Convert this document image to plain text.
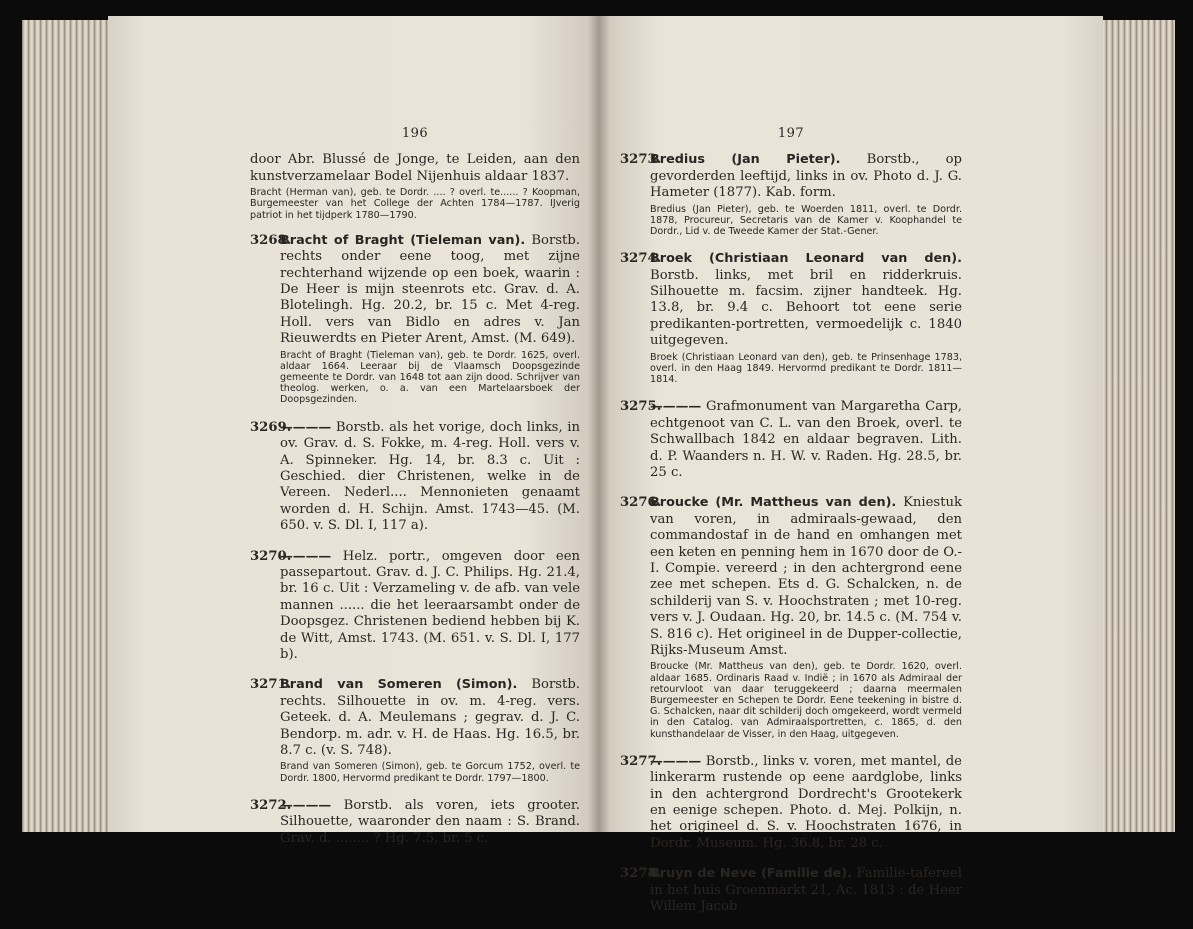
196
door Abr. Blussé de Jonge, te Leiden, aan den kunstverzamelaar Bodel Nijenhuis aldaar 1837.
Bracht (Herman van), geb. te Dordr. .... ? overl. te...... ? Koopman, Burgemeester van het College der Achten 1784—1787. IJverig patriot in het tijdperk 1780—1790.
3268.Bracht of Braght (Tieleman van). Borstb. rechts onder eene toog, met zijne rechterhand wijzende op een boek, waarin : De Heer is mijn steenrots etc. Grav. d. A. Blotelingh. Hg. 20.2, br. 15 c. Met 4-reg. Holl. vers van Bidlo en adres v. Jan Rieuwerdts en Pieter Arent, Amst. (M. 649).
Bracht of Braght (Tieleman van), geb. te Dordr. 1625, overl. aldaar 1664. Leeraar bij de Vlaamsch Doopsgezinde gemeente te Dordr. van 1648 tot aan zijn dood. Schrijver van theolog. werken, o. a. van een Martelaarsboek der Doopsgezinden.
3269.———— Borstb. als het vorige, doch links, in ov. Grav. d. S. Fokke, m. 4-reg. Holl. vers v. A. Spinneker. Hg. 14, br. 8.3 c. Uit : Geschied. dier Christenen, welke in de Vereen. Nederl.... Mennonieten genaamt worden d. H. Schijn. Amst. 1743—45. (M. 650. v. S. Dl. I, 117 a).
3270.———— Helz. portr., omgeven door een passepartout. Grav. d. J. C. Philips. Hg. 21.4, br. 16 c. Uit : Verzameling v. de afb. van vele mannen ...... die het leeraarsambt onder de Doopsgez. Christenen bediend hebben bij K. de Witt, Amst. 1743. (M. 651. v. S. Dl. I, 177 b).
3271.Brand van Someren (Simon). Borstb. rechts. Silhouette in ov. m. 4-reg. vers. Geteek. d. A. Meulemans ; gegrav. d. J. C. Bendorp. m. adr. v. H. de Haas. Hg. 16.5, br. 8.7 c. (v. S. 748).
Brand van Someren (Simon), geb. te Gorcum 1752, overl. te Dordr. 1800, Hervormd predikant te Dordr. 1797—1800.
3272.———— Borstb. als voren, iets grooter. Silhouette, waaronder den naam : S. Brand. Grav. d. ........ ? Hg. 7.5, br. 5 c.
197
3273.Bredius (Jan Pieter). Borstb., op gevorderden leeftijd, links in ov. Photo d. J. G. Hameter (1877). Kab. form.
Bredius (Jan Pieter), geb. te Woerden 1811, overl. te Dordr. 1878, Procureur, Secretaris van de Kamer v. Koophandel te Dordr., Lid v. de Tweede Kamer der Stat.-Gener.
3274.Broek (Christiaan Leonard van den). Borstb. links, met bril en ridderkruis. Silhouette m. facsim. zijner handteek. Hg. 13.8, br. 9.4 c. Behoort tot eene serie predikanten-portretten, vermoedelijk c. 1840 uitgegeven.
Broek (Christiaan Leonard van den), geb. te Prinsenhage 1783, overl. in den Haag 1849. Hervormd predikant te Dordr. 1811—1814.
3275.———— Grafmonument van Margaretha Carp, echtgenoot van C. L. van den Broek, overl. te Schwallbach 1842 en aldaar begraven. Lith. d. P. Waanders n. H. W. v. Raden. Hg. 28.5, br. 25 c.
3276.Broucke (Mr. Mattheus van den). Kniestuk van voren, in admiraals-gewaad, den commandostaf in de hand en omhangen met een keten en penning hem in 1670 door de O.-I. Compie. vereerd ; in den achtergrond eene zee met schepen. Ets d. G. Schalcken, n. de schilderij van S. v. Hoochstraten ; met 10-reg. vers v. J. Oudaan. Hg. 20, br. 14.5 c. (M. 754 v. S. 816 c). Het origineel in de Dupper-collectie, Rijks-Museum Amst.
Broucke (Mr. Mattheus van den), geb. te Dordr. 1620, overl. aldaar 1685. Ordinaris Raad v. Indië ; in 1670 als Admiraal der retourvloot van daar teruggekeerd ; daarna meermalen Burgemeester en Schepen te Dordr. Eene teekening in bistre d. G. Schalcken, naar dit schilderij doch omgekeerd, wordt vermeld in den Catalog. van Admiraalsportretten, c. 1865, d. den kunsthandelaar de Visser, in den Haag, uitgegeven.
3277.———— Borstb., links v. voren, met mantel, de linkerarm rustende op eene aardglobe, links in den achtergrond Dordrecht's Grootekerk en eenige schepen. Photo. d. Mej. Polkijn, n. het origineel d. S. v. Hoochstraten 1676, in Dordr. Museum. Hg. 36.8, br. 28 c.
3278.Bruyn de Neve (Familie de). Familie-tafereel in het huis Groenmarkt 21, Ac. 1813 : de Heer Willem Jacob
